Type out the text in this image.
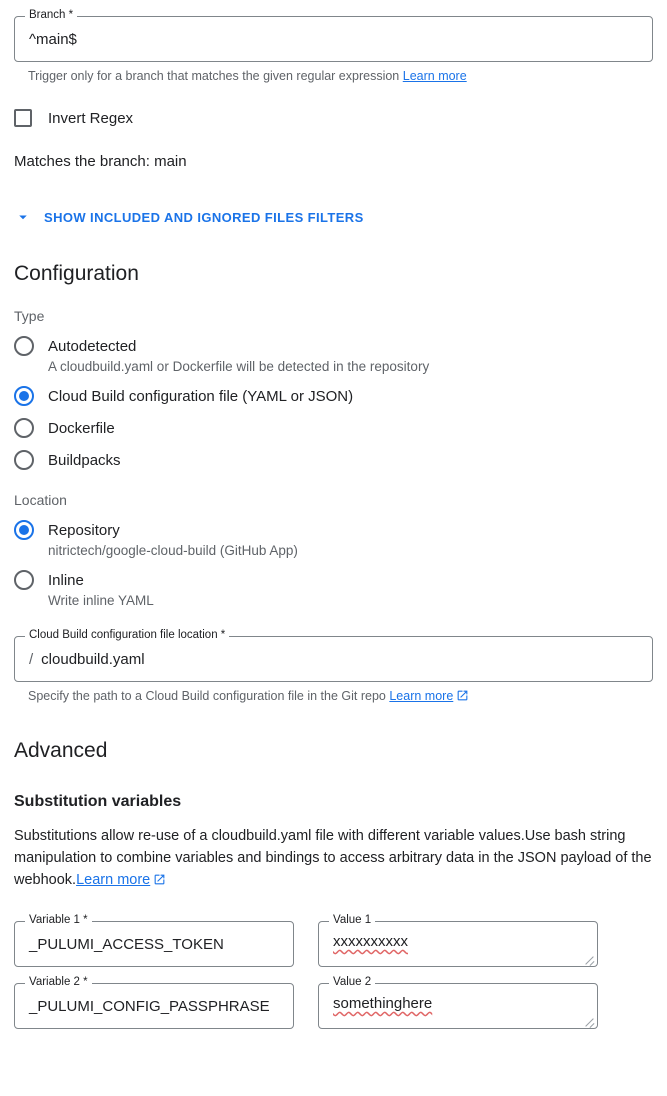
Branch *
^main$
Trigger only for a branch that matches the given regular expression Learn more
Invert Regex
Matches the branch: main
SHOW INCLUDED AND IGNORED FILES FILTERS
Configuration
Type
Autodetected
A cloudbuild.yaml or Dockerfile will be detected in the repository
Cloud Build configuration file (YAML or JSON)
Dockerfile
Buildpacks
Location
Repository
nitrictech/google-cloud-build (GitHub App)
Inline
Write inline YAML
Cloud Build configuration file location *
/ cloudbuild.yaml
Specify the path to a Cloud Build configuration file in the Git repo Learn more
Advanced
Substitution variables
Substitutions allow re-use of a cloudbuild.yaml file with different variable values.Use bash string manipulation to combine variables and bindings to access arbitrary data in the JSON payload of the webhook.Learn more
Variable 1 *
_PULUMI_ACCESS_TOKEN
Value 1
xxxxxxxxxx
Variable 2 *
_PULUMI_CONFIG_PASSPHRASE
Value 2
somethinghere
